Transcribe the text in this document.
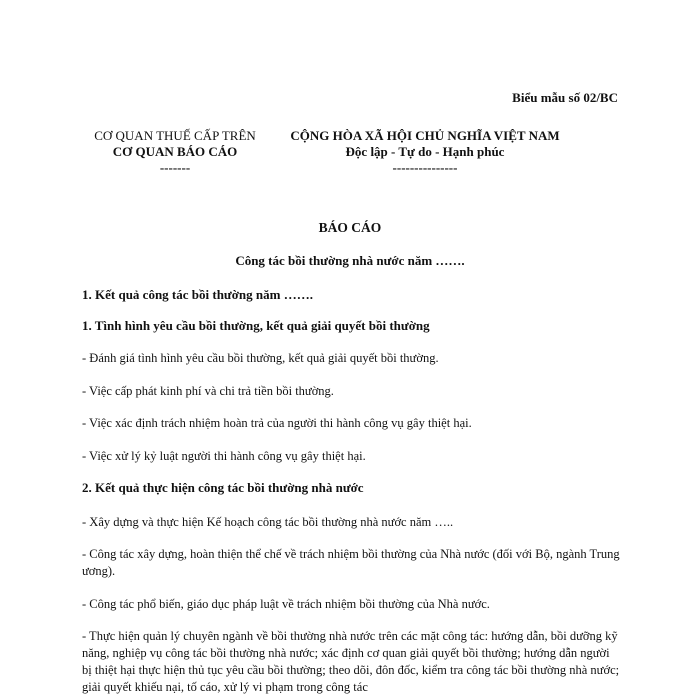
Biểu mẫu số 02/BC
CƠ QUAN THUẾ CẤP TRÊN
CƠ QUAN BÁO CÁO
-------
CỘNG HÒA XÃ HỘI CHỦ NGHĨA VIỆT NAM
Độc lập - Tự do - Hạnh phúc
---------------
BÁO CÁO
Công tác bồi thường nhà nước năm …….
1. Kết quả công tác bồi thường năm …….
1. Tình hình yêu cầu bồi thường, kết quả giải quyết bồi thường
- Đánh giá tình hình yêu cầu bồi thường, kết quả giải quyết bồi thường.
- Việc cấp phát kinh phí và chi trả tiền bồi thường.
- Việc xác định trách nhiệm hoàn trả của người thi hành công vụ gây thiệt hại.
- Việc xử lý kỷ luật người thi hành công vụ gây thiệt hại.
2. Kết quả thực hiện công tác bồi thường nhà nước
- Xây dựng và thực hiện Kế hoạch công tác bồi thường nhà nước năm …..
- Công tác xây dựng, hoàn thiện thể chế về trách nhiệm bồi thường của Nhà nước (đối với Bộ, ngành Trung ương).
- Công tác phổ biến, giáo dục pháp luật về trách nhiệm bồi thường của Nhà nước.
- Thực hiện quản lý chuyên ngành về bồi thường nhà nước trên các mặt công tác: hướng dẫn, bồi dưỡng kỹ năng, nghiệp vụ công tác bồi thường nhà nước; xác định cơ quan giải quyết bồi thường; hướng dẫn người bị thiệt hại thực hiện thủ tục yêu cầu bồi thường; theo dõi, đôn đốc, kiểm tra công tác bồi thường nhà nước; giải quyết khiếu nại, tố cáo, xử lý vi phạm trong công tác
